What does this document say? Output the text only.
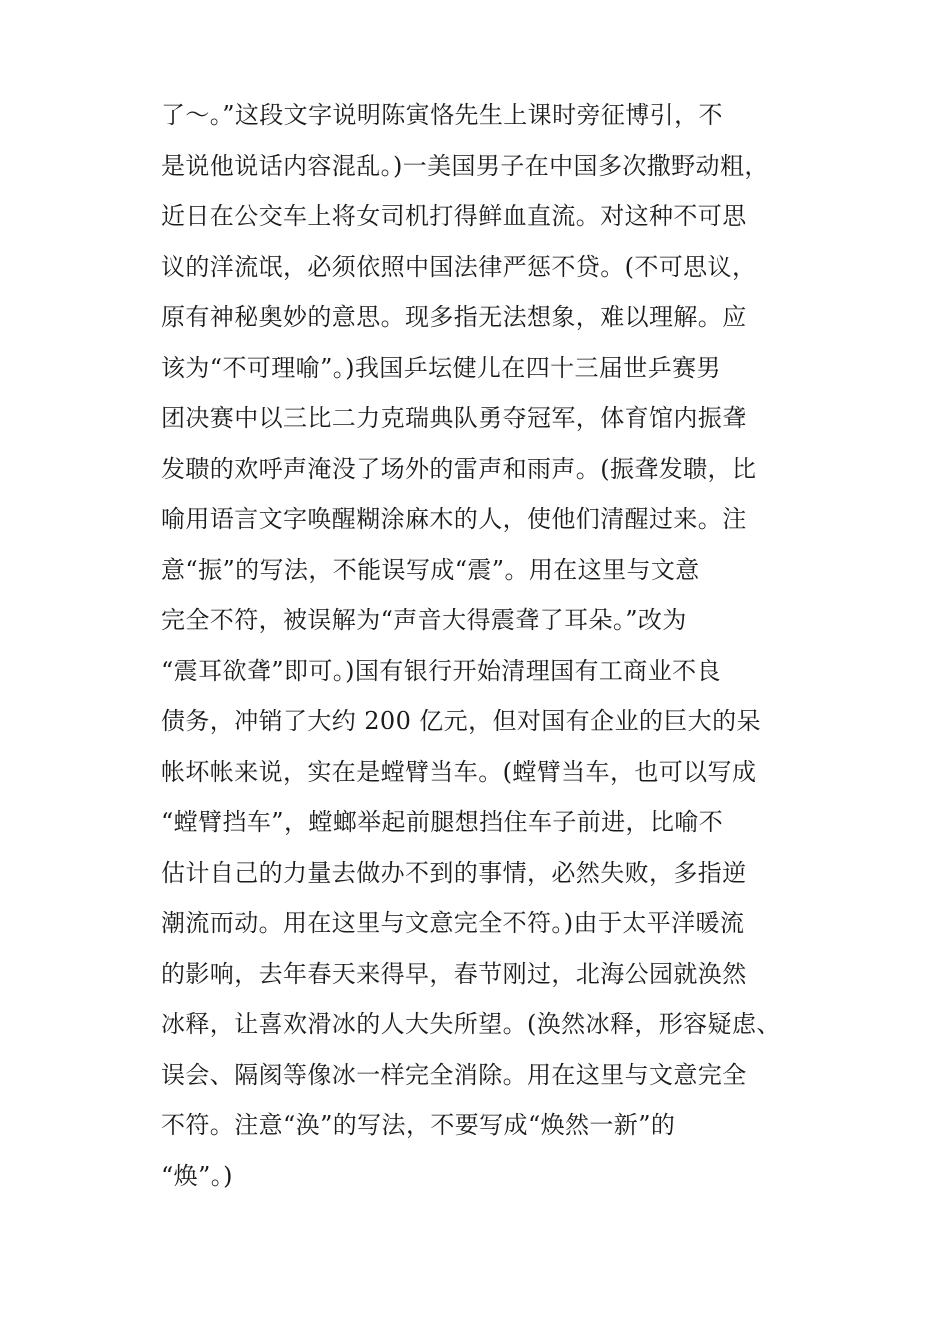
了～。”这段文字说明陈寅恪先生上课时旁征博引，不
是说他说话内容混乱。)一美国男子在中国多次撒野动粗，
近日在公交车上将女司机打得鲜血直流。对这种不可思
议的洋流氓，必须依照中国法律严惩不贷。(不可思议，
原有神秘奥妙的意思。现多指无法想象，难以理解。应
该为“不可理喻”。)我国乒坛健儿在四十三届世乒赛男
团决赛中以三比二力克瑞典队勇夺冠军，体育馆内振聋
发聩的欢呼声淹没了场外的雷声和雨声。(振聋发聩，比
喻用语言文字唤醒糊涂麻木的人，使他们清醒过来。注
意“振”的写法，不能误写成“震”。用在这里与文意
完全不符，被误解为“声音大得震聋了耳朵。”改为
“震耳欲聋”即可。)国有银行开始清理国有工商业不良
债务，冲销了大约 200 亿元，但对国有企业的巨大的呆
帐坏帐来说，实在是螳臂当车。(螳臂当车，也可以写成
“螳臂挡车”，螳螂举起前腿想挡住车子前进，比喻不
估计自己的力量去做办不到的事情，必然失败，多指逆
潮流而动。用在这里与文意完全不符。)由于太平洋暖流
的影响，去年春天来得早，春节刚过，北海公园就涣然
冰释，让喜欢滑冰的人大失所望。(涣然冰释，形容疑虑、
误会、隔阂等像冰一样完全消除。用在这里与文意完全
不符。注意“涣”的写法，不要写成“焕然一新”的
“焕”。)
